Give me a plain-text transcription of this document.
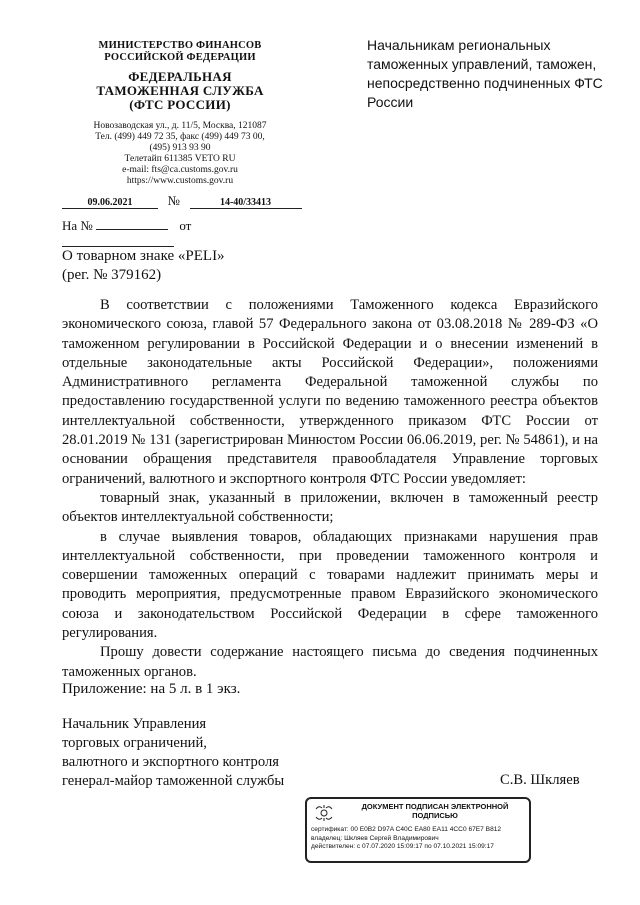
МИНИСТЕРСТВО ФИНАНСОВ
РОССИЙСКОЙ ФЕДЕРАЦИИ
ФЕДЕРАЛЬНАЯ
ТАМОЖЕННАЯ СЛУЖБА
(ФТС РОССИИ)
Новозаводская ул., д. 11/5, Москва, 121087
Тел. (499) 449 72 35, факс (499) 449 73 00,
(495) 913 93 90
Телетайп 611385 VETO RU
e-mail: fts@ca.customs.gov.ru
https://www.customs.gov.ru
09.06.2021	№	14-40/33413
На №	от
Начальникам региональных таможенных управлений, таможен, непосредственно подчиненных ФТС России
О товарном знаке «PELI»
(рег. № 379162)

В соответствии с положениями Таможенного кодекса Евразийского экономического союза, главой 57 Федерального закона от 03.08.2018 № 289-ФЗ «О таможенном регулировании в Российской Федерации и о внесении изменений в отдельные законодательные акты Российской Федерации», положениями Административного регламента Федеральной таможенной службы по предоставлению государственной услуги по ведению таможенного реестра объектов интеллектуальной собственности, утвержденного приказом ФТС России от 28.01.2019 № 131 (зарегистрирован Минюстом России 06.06.2019, рег. № 54861), и на основании обращения представителя правообладателя Управление торговых ограничений, валютного и экспортного контроля ФТС России уведомляет:

товарный знак, указанный в приложении, включен в таможенный реестр объектов интеллектуальной собственности;

в случае выявления товаров, обладающих признаками нарушения прав интеллектуальной собственности, при проведении таможенного контроля и совершении таможенных операций с товарами надлежит принимать меры и проводить мероприятия, предусмотренные правом Евразийского экономического союза и законодательством Российской Федерации в сфере таможенного регулирования.

Прошу довести содержание настоящего письма до сведения подчиненных таможенных органов.

Приложение: на 5 л. в 1 экз.
Начальник Управления
торговых ограничений,
валютного и экспортного контроля
генерал-майор таможенной службы	С.В. Шкляев
ДОКУМЕНТ ПОДПИСАН ЭЛЕКТРОННОЙ
ПОДПИСЬЮ
сертификат: 00 E0B2 D97A C40C EA80 EA11 4CC0 67E7 B812
владелец: Шкляев Сергей Владимирович
действителен: с 07.07.2020 15:09:17 по 07.10.2021 15:09:17
